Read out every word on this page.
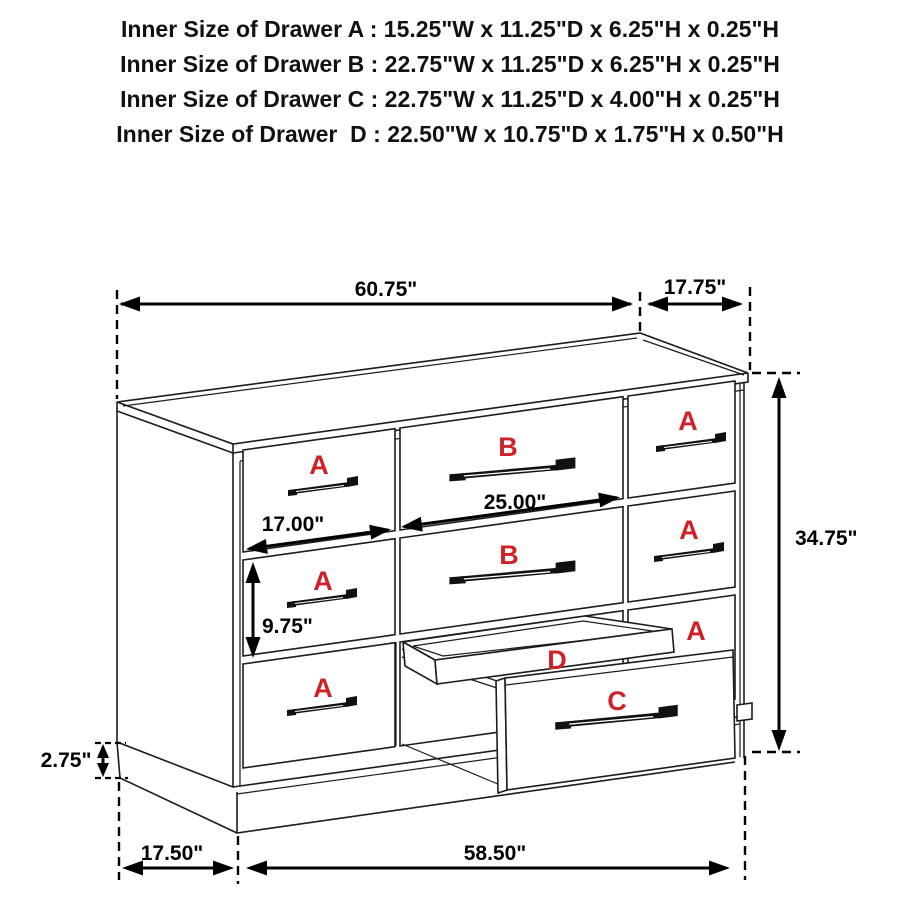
Inner Size of Drawer A : 15.25"W x 11.25"D x 6.25"H x 0.25"H
Inner Size of Drawer B : 22.75"W x 11.25"D x 6.25"H x 0.25"H
Inner Size of Drawer C : 22.75"W x 11.25"D x 4.00"H x 0.25"H
Inner Size of Drawer  D : 22.50"W x 10.75"D x 1.75"H x 0.50"H
A
A
A
B
B
A
A
A
D
C
60.75"	17.75"
34.75"
17.00"
25.00"
9.75"
2.75"
17.50"	58.50"
